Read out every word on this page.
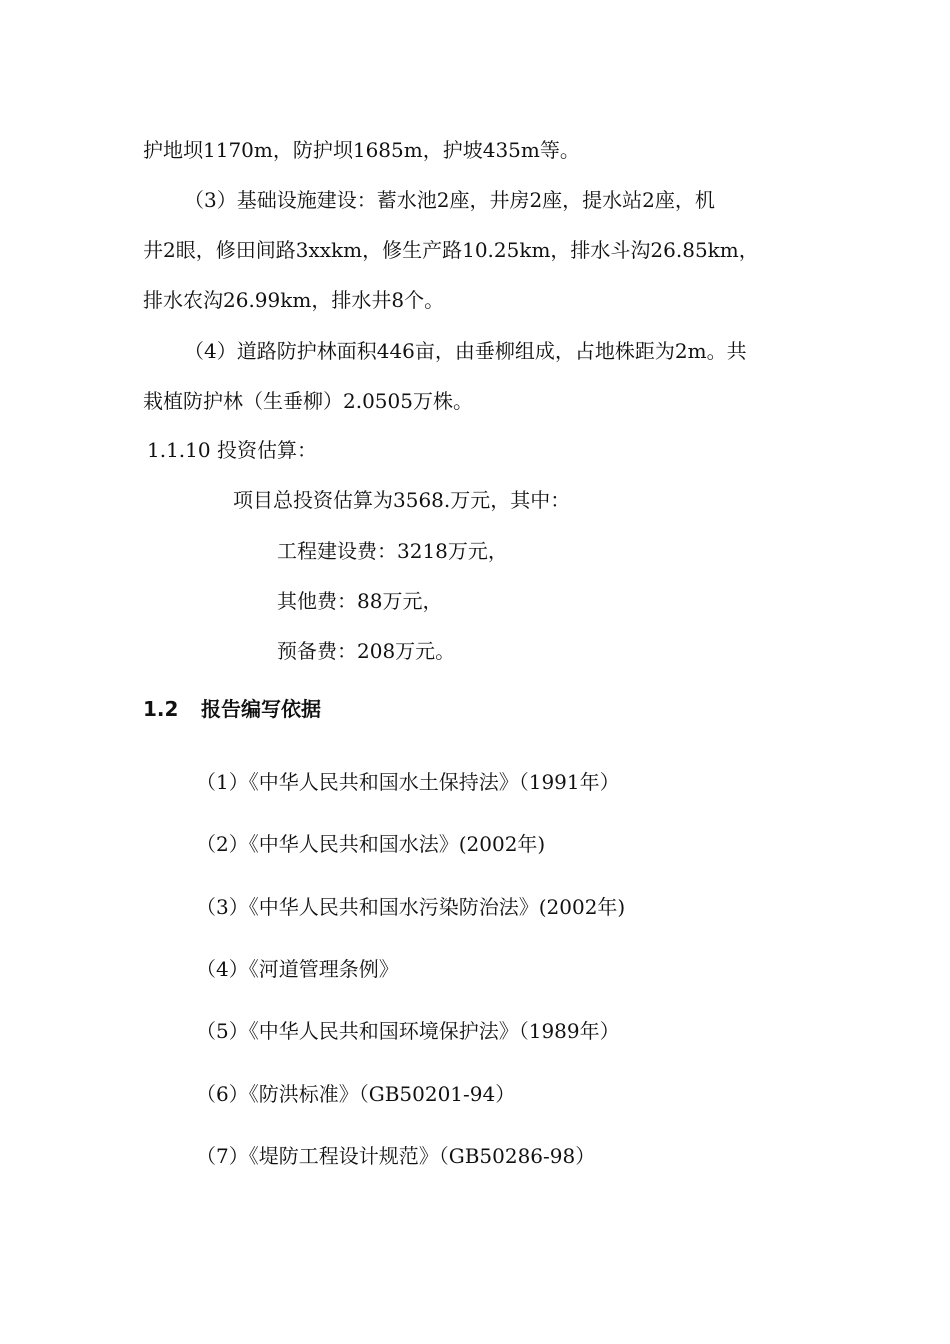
护地坝1170m，防护坝1685m，护坡435m等。
（3）基础设施建设：蓄水池2座，井房2座，提水站2座，机
井2眼，修田间路3xxkm，修生产路10.25km，排水斗沟26.85km，
排水农沟26.99km，排水井8个。
（4）道路防护林面积446亩，由垂柳组成，占地株距为2m。共
栽植防护林（生垂柳）2.0505万株。
1.1.10 投资估算：
项目总投资估算为3568.万元，其中：
工程建设费：3218万元，
其他费：88万元，
预备费：208万元。
1.2 报告编写依据
（1）《中华人民共和国水土保持法》（1991年）
（2）《中华人民共和国水法》(2002年)
（3）《中华人民共和国水污染防治法》(2002年)
（4）《河道管理条例》
（5）《中华人民共和国环境保护法》（1989年）
（6）《防洪标准》（GB50201-94）
（7）《堤防工程设计规范》（GB50286-98）
